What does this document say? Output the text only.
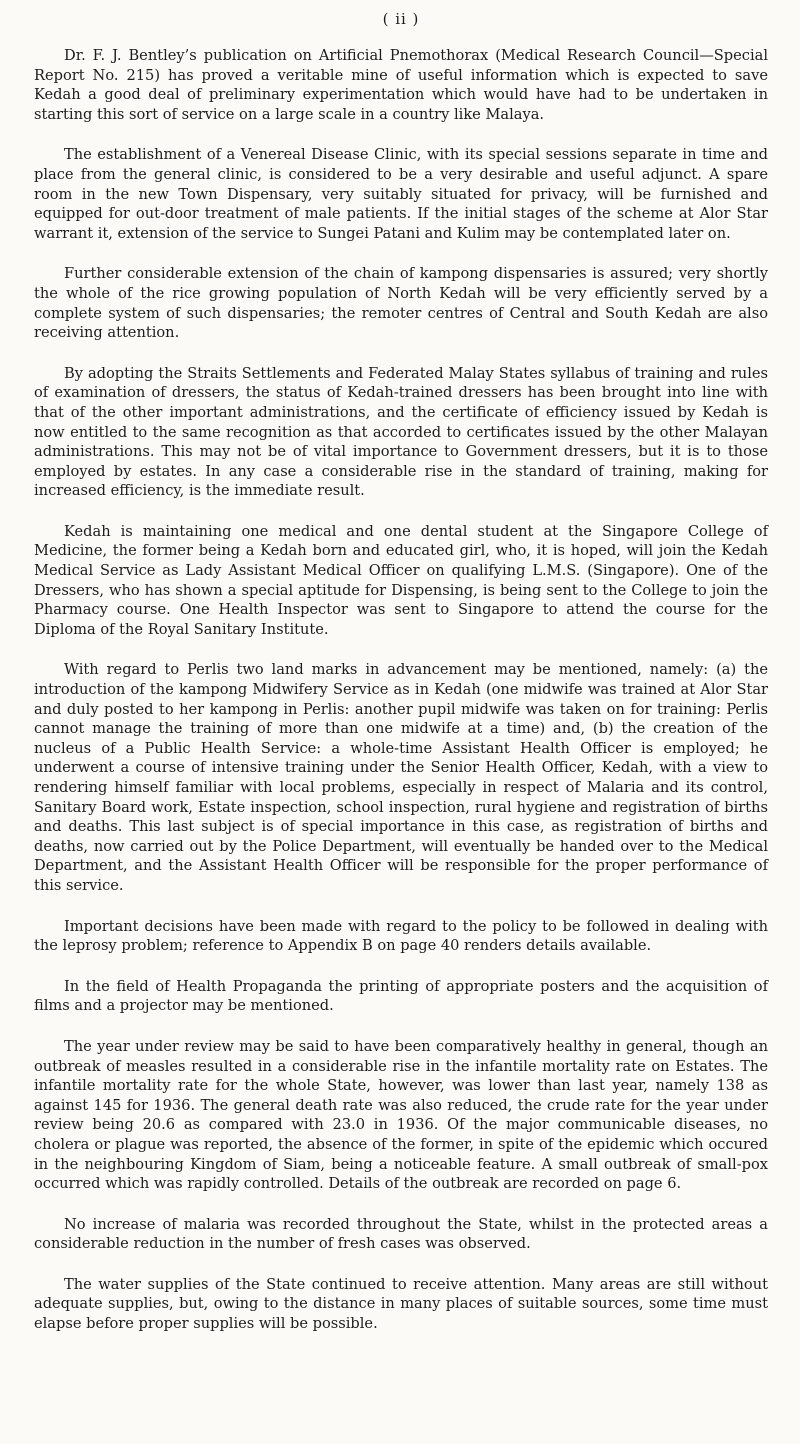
( ii )

Dr. F. J. Bentley’s publication on Artificial Pnemothorax (Medical Research Council—Special Report No. 215) has proved a veritable mine of useful information which is expected to save Kedah a good deal of preliminary experimentation which would have had to be undertaken in starting this sort of service on a large scale in a country like Malaya.

The establishment of a Venereal Disease Clinic, with its special sessions separate in time and place from the general clinic, is considered to be a very desirable and useful adjunct. A spare room in the new Town Dispensary, very suitably situated for privacy, will be furnished and equipped for out-door treatment of male patients. If the initial stages of the scheme at Alor Star warrant it, extension of the service to Sungei Patani and Kulim may be contemplated later on.

Further considerable extension of the chain of kampong dispensaries is assured; very shortly the whole of the rice growing population of North Kedah will be very efficiently served by a complete system of such dispensaries; the remoter centres of Central and South Kedah are also receiving attention.

By adopting the Straits Settlements and Federated Malay States syllabus of training and rules of examination of dressers, the status of Kedah-trained dressers has been brought into line with that of the other important administrations, and the certificate of efficiency issued by Kedah is now entitled to the same recognition as that accorded to certificates issued by the other Malayan administrations. This may not be of vital importance to Government dressers, but it is to those employed by estates. In any case a considerable rise in the standard of training, making for increased efficiency, is the immediate result.

Kedah is maintaining one medical and one dental student at the Singapore College of Medicine, the former being a Kedah born and educated girl, who, it is hoped, will join the Kedah Medical Service as Lady Assistant Medical Officer on qualifying L.M.S. (Singapore). One of the Dressers, who has shown a special aptitude for Dispensing, is being sent to the College to join the Pharmacy course. One Health Inspector was sent to Singapore to attend the course for the Diploma of the Royal Sanitary Institute.

With regard to Perlis two land marks in advancement may be mentioned, namely: (a) the introduction of the kampong Midwifery Service as in Kedah (one midwife was trained at Alor Star and duly posted to her kampong in Perlis: another pupil midwife was taken on for training: Perlis cannot manage the training of more than one midwife at a time) and, (b) the creation of the nucleus of a Public Health Service: a whole-time Assistant Health Officer is employed; he underwent a course of intensive training under the Senior Health Officer, Kedah, with a view to rendering himself familiar with local problems, especially in respect of Malaria and its control, Sanitary Board work, Estate inspection, school inspection, rural hygiene and registration of births and deaths. This last subject is of special importance in this case, as registration of births and deaths, now carried out by the Police Department, will eventually be handed over to the Medical Department, and the Assistant Health Officer will be responsible for the proper performance of this service.

Important decisions have been made with regard to the policy to be followed in dealing with the leprosy problem; reference to Appendix B on page 40 renders details available.

In the field of Health Propaganda the printing of appropriate posters and the acquisition of films and a projector may be mentioned.

The year under review may be said to have been comparatively healthy in general, though an outbreak of measles resulted in a considerable rise in the infantile mortality rate on Estates. The infantile mortality rate for the whole State, however, was lower than last year, namely 138 as against 145 for 1936. The general death rate was also reduced, the crude rate for the year under review being 20.6 as compared with 23.0 in 1936. Of the major communicable diseases, no cholera or plague was reported, the absence of the former, in spite of the epidemic which occured in the neighbouring Kingdom of Siam, being a noticeable feature. A small outbreak of small-pox occurred which was rapidly controlled. Details of the outbreak are recorded on page 6.

No increase of malaria was recorded throughout the State, whilst in the protected areas a considerable reduction in the number of fresh cases was observed.

The water supplies of the State continued to receive attention. Many areas are still without adequate supplies, but, owing to the distance in many places of suitable sources, some time must elapse before proper supplies will be possible.
